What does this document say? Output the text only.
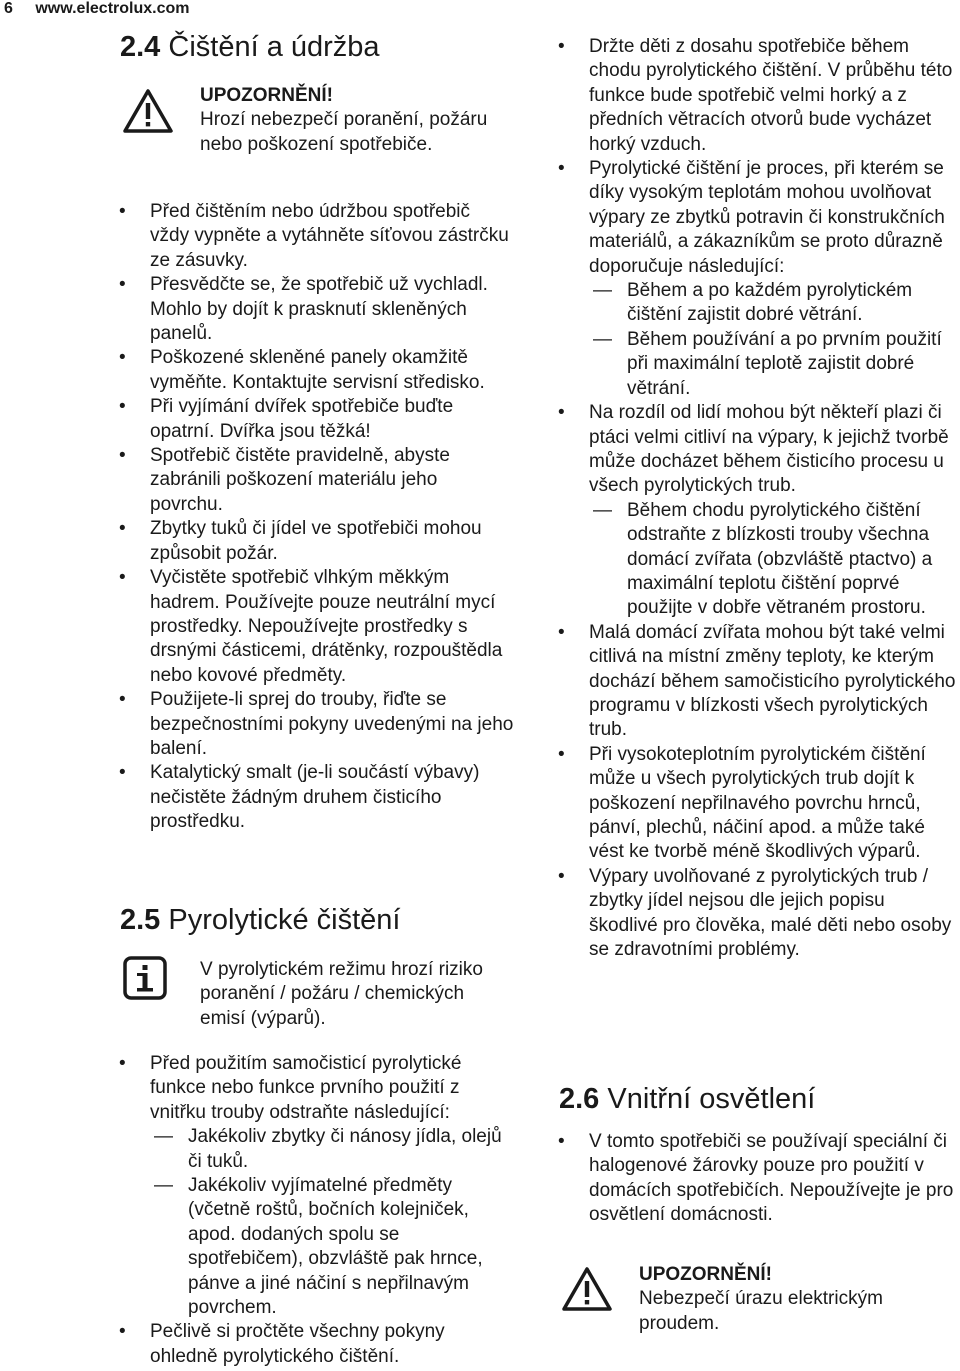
6 www.electrolux.com
2.4 Čištění a údržba

UPOZORNĚNÍ!

Hrozí nebezpečí poranění, požáru nebo poškození spotřebiče.

• Před čištěním nebo údržbou spotřebič vždy vypněte a vytáhněte síťovou zástrčku ze zásuvky.
• Přesvědčte se, že spotřebič už vychladl. Mohlo by dojít k prasknutí skleněných panelů.
• Poškozené skleněné panely okamžitě vyměňte. Kontaktujte servisní středisko.
• Při vyjímání dvířek spotřebiče buďte opatrní. Dvířka jsou těžká!
• Spotřebič čistěte pravidelně, abyste zabránili poškození materiálu jeho povrchu.
• Zbytky tuků či jídel ve spotřebiči mohou způsobit požár.
• Vyčistěte spotřebič vlhkým měkkým hadrem. Používejte pouze neutrální mycí prostředky. Nepoužívejte prostředky s drsnými částicemi, drátěnky, rozpouštědla nebo kovové předměty.
• Použijete-li sprej do trouby, řiďte se bezpečnostními pokyny uvedenými na jeho balení.
• Katalytický smalt (je-li součástí výbavy) nečistěte žádným druhem čisticího prostředku.
2.5 Pyrolytické čištění

V pyrolytickém režimu hrozí riziko poranění / požáru / chemických emisí (výparů).

• Před použitím samočisticí pyrolytické funkce nebo funkce prvního použití z vnitřku trouby odstraňte následující:
— Jakékoliv zbytky či nánosy jídla, olejů či tuků.
— Jakékoliv vyjímatelné předměty (včetně roštů, bočních kolejniček, apod. dodaných spolu se spotřebičem), obzvláště pak hrnce, pánve a jiné náčiní s nepřilnavým povrchem.
• Pečlivě si pročtěte všechny pokyny ohledně pyrolytického čištění.
• Držte děti z dosahu spotřebiče během chodu pyrolytického čištění. V průběhu této funkce bude spotřebič velmi horký a z předních větracích otvorů bude vycházet horký vzduch.
• Pyrolytické čištění je proces, při kterém se díky vysokým teplotám mohou uvolňovat výpary ze zbytků potravin či konstrukčních materiálů, a zákazníkům se proto důrazně doporučuje následující:
— Během a po každém pyrolytickém čištění zajistit dobré větrání.
— Během používání a po prvním použití při maximální teplotě zajistit dobré větrání.
• Na rozdíl od lidí mohou být někteří plazi či ptáci velmi citliví na výpary, k jejichž tvorbě může docházet během čisticího procesu u všech pyrolytických trub.
— Během chodu pyrolytického čištění odstraňte z blízkosti trouby všechna domácí zvířata (obzvláště ptactvo) a maximální teplotu čištění poprvé použijte v dobře větraném prostoru.
• Malá domácí zvířata mohou být také velmi citlivá na místní změny teploty, ke kterým dochází během samočisticího pyrolytického programu v blízkosti všech pyrolytických trub.
• Při vysokoteplotním pyrolytickém čištění může u všech pyrolytických trub dojít k poškození nepřilnavého povrchu hrnců, pánví, plechů, náčiní apod. a může také vést ke tvorbě méně škodlivých výparů.
• Výpary uvolňované z pyrolytických trub / zbytky jídel nejsou dle jejich popisu škodlivé pro člověka, malé děti nebo osoby se zdravotními problémy.
2.6 Vnitřní osvětlení
• V tomto spotřebiči se používají speciální či halogenové žárovky pouze pro použití v domácích spotřebičích. Nepoužívejte je pro osvětlení domácnosti.

UPOZORNĚNÍ!

Nebezpečí úrazu elektrickým proudem.
